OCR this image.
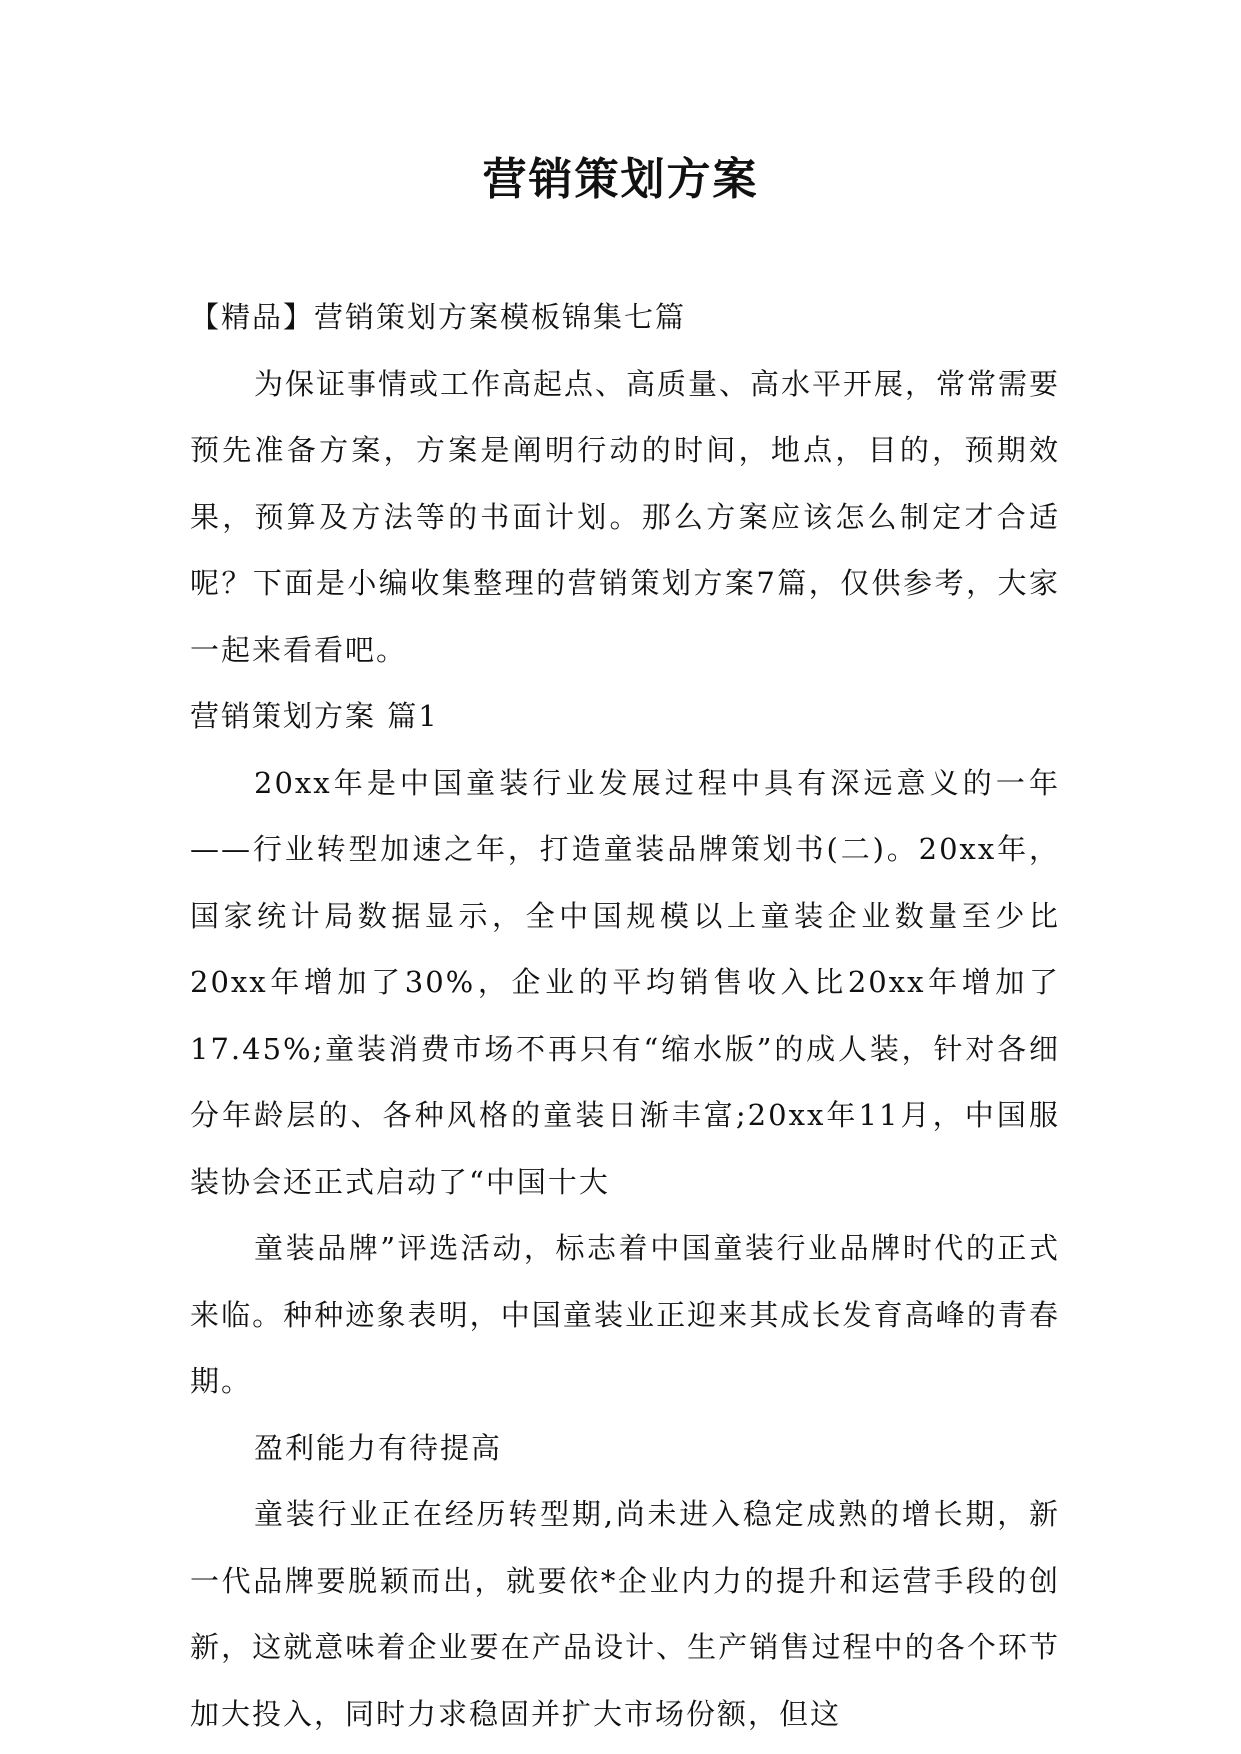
营销策划方案

【精品】营销策划方案模板锦集七篇

为保证事情或工作高起点、高质量、高水平开展，常常需要预先准备方案，方案是阐明行动的时间，地点，目的，预期效果，预算及方法等的书面计划。那么方案应该怎么制定才合适呢？下面是小编收集整理的营销策划方案7篇，仅供参考，大家一起来看看吧。

营销策划方案 篇1

20xx年是中国童装行业发展过程中具有深远意义的一年——行业转型加速之年，打造童装品牌策划书(二)。20xx年，国家统计局数据显示，全中国规模以上童装企业数量至少比20xx年增加了30%，企业的平均销售收入比20xx年增加了17.45%;童装消费市场不再只有“缩水版”的成人装，针对各细分年龄层的、各种风格的童装日渐丰富;20xx年11月，中国服装协会还正式启动了“中国十大

童装品牌”评选活动，标志着中国童装行业品牌时代的正式来临。种种迹象表明，中国童装业正迎来其成长发育高峰的青春期。

盈利能力有待提高

童装行业正在经历转型期,尚未进入稳定成熟的增长期，新一代品牌要脱颖而出，就要依*企业内力的提升和运营手段的创新，这就意味着企业要在产品设计、生产销售过程中的各个环节加大投入，同时力求稳固并扩大市场份额，但这
